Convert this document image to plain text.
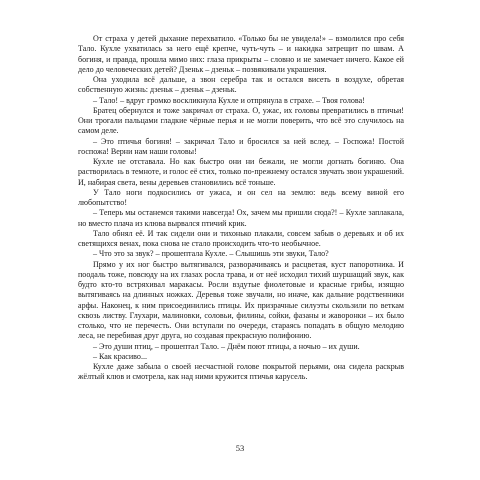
От страха у детей дыхание перехватило. «Только бы не увидела!» – взмолился про себя Тало. Кухле ухватилась за него ещё крепче, чуть-чуть – и накидка затрещит по швам. А богиня, и правда, прошла мимо них: глаза прикрыты – словно и не замечает ничего. Какое ей дело до человеческих детей? Дзеньк – дзеньк – позвякивали украшения.

Она уходила всё дальше, а звон серебра так и остался висеть в воздухе, обретая собственную жизнь: дзеньк – дзеньк – дзеньк.

– Тало! – вдруг громко воскликнула Кухле и отпрянула в страхе. – Твоя голова!

Братец обернулся и тоже закричал от страха. О, ужас, их головы превратились в птичьи! Они трогали пальцами гладкие чёрные перья и не могли поверить, что всё это случилось на самом деле.

– Это птичья богиня! – закричал Тало и бросился за ней вслед. – Госпожа! Постой госпожа! Верни нам наши головы!

Кухле не отставала. Но как быстро они ни бежали, не могли догнать богиню. Она растворилась в темноте, и голос её стих, только по-прежнему остался звучать звон украшений. И, набирая света, вены деревьев становились всё тоньше.

У Тало ноги подкосились от ужаса, и он сел на землю: ведь всему виной его любопытство!

– Теперь мы останемся такими навсегда! Ох, зачем мы пришли сюда?! – Кухле заплакала, но вместо плача из клюва вырвался птичий крик.

Тало обнял её. И так сидели они и тихонько плакали, совсем забыв о деревьях и об их светящихся венах, пока снова не стало происходить что-то необычное.

– Что это за звук? – прошептала Кухле. – Слышишь эти звуки, Тало?

Прямо у их ног быстро вытягивался, разворачиваясь и расцветая, куст папоротника. И поодаль тоже, повсюду на их глазах росла трава, и от неё исходил тихий шуршащий звук, как будто кто-то встряхивал маракасы. Росли вздутые фиолетовые и красные грибы, изящно вытягиваясь на длинных ножках. Деревья тоже звучали, но иначе, как дальние родственники арфы. Наконец, к ним присоединились птицы. Их призрачные силуэты скользили по веткам сквозь листву. Глухари, малиновки, соловьи, филины, сойки, фазаны и жаворонки – их было столько, что не перечесть. Они вступали по очереди, стараясь попадать в общую мелодию леса, не перебивая друг друга, но создавая прекрасную полифонию.

– Это души птиц, – прошептал Тало. – Днём поют птицы, а ночью – их души.

– Как красиво...

Кухле даже забыла о своей несчастной голове покрытой перьями, она сидела раскрыв жёлтый клюв и смотрела, как над ними кружится птичья карусель.

53
